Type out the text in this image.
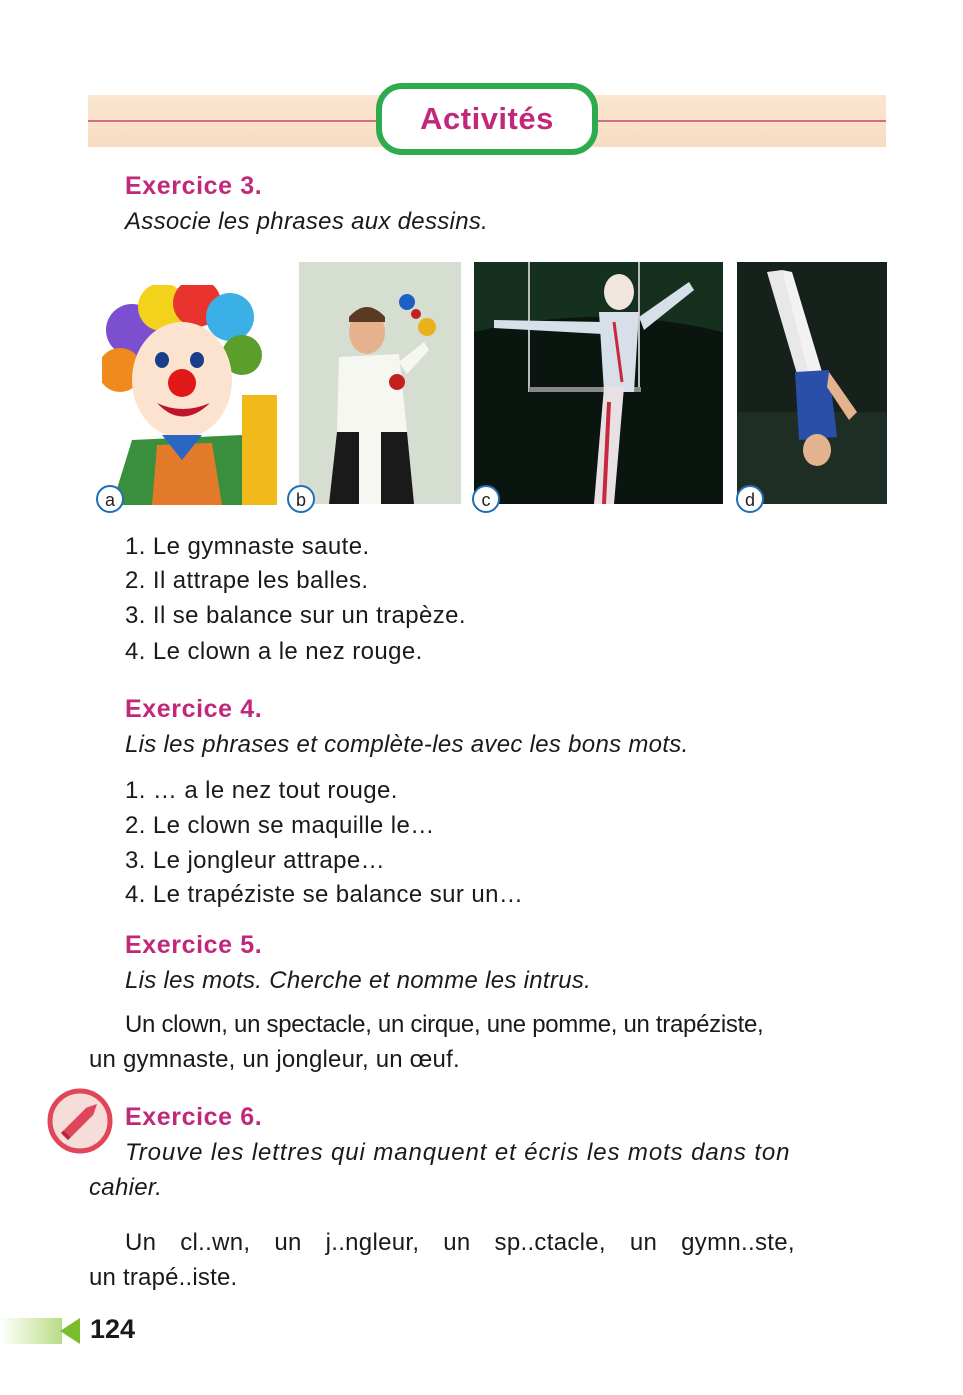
Activités
Exercice 3.
Associe les phrases aux dessins.
a	b	c	d
1. Le gymnaste saute.
2. Il attrape les balles.
3. Il se balance sur un trapèze.
4. Le clown a le nez rouge.
Exercice 4.
Lis les phrases et complète-les avec les bons mots.
1. … a le nez tout rouge.
2. Le clown se maquille le…
3. Le jongleur attrape…
4. Le trapéziste se balance sur un…
Exercice 5.
Lis les mots. Cherche et nomme les intrus.
Un clown, un spectacle, un cirque, une pomme, un trapéziste,
un gymnaste, un jongleur, un œuf.
Exercice 6.
Trouve les lettres qui manquent et écris les mots dans ton
cahier.
Un cl..wn, un j..ngleur, un sp..ctacle, un gymn..ste,
un trapé..iste.
124
